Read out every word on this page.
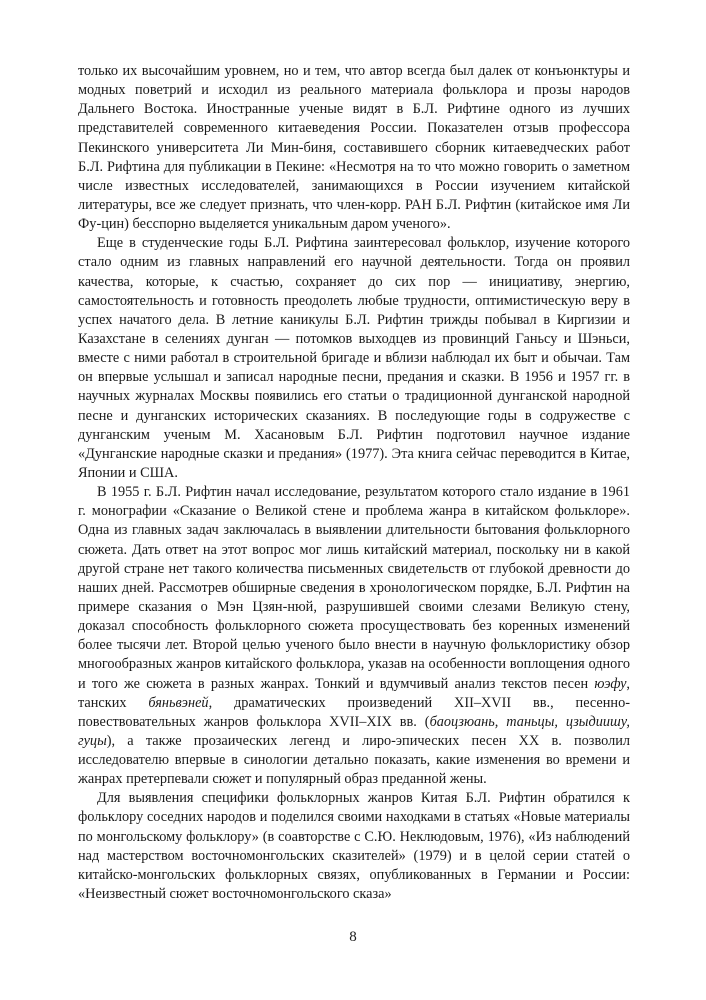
только их высочайшим уровнем, но и тем, что автор всегда был далек от конъюнктуры и модных поветрий и исходил из реального материала фольклора и прозы народов Дальнего Востока. Иностранные ученые видят в Б.Л. Рифтине одного из лучших представителей современного китаеведения России. Показателен отзыв профессора Пекинского университета Ли Мин-биня, составившего сборник китаеведческих работ Б.Л. Рифтина для публикации в Пекине: «Несмотря на то что можно говорить о заметном числе известных исследователей, занимающихся в России изучением китайской литературы, все же следует признать, что член-корр. РАН Б.Л. Рифтин (китайское имя Ли Фу-цин) бесспорно выделяется уникальным даром ученого».

Еще в студенческие годы Б.Л. Рифтина заинтересовал фольклор, изучение которого стало одним из главных направлений его научной деятельности. Тогда он проявил качества, которые, к счастью, сохраняет до сих пор — инициативу, энергию, самостоятельность и готовность преодолеть любые трудности, оптимистическую веру в успех начатого дела. В летние каникулы Б.Л. Рифтин трижды побывал в Киргизии и Казахстане в селениях дунган — потомков выходцев из провинций Ганьсу и Шэньси, вместе с ними работал в строительной бригаде и вблизи наблюдал их быт и обычаи. Там он впервые услышал и записал народные песни, предания и сказки. В 1956 и 1957 гг. в научных журналах Москвы появились его статьи о традиционной дунганской народной песне и дунганских исторических сказаниях. В последующие годы в содружестве с дунганским ученым М. Хасановым Б.Л. Рифтин подготовил научное издание «Дунганские народные сказки и предания» (1977). Эта книга сейчас переводится в Китае, Японии и США.

В 1955 г. Б.Л. Рифтин начал исследование, результатом которого стало издание в 1961 г. монографии «Сказание о Великой стене и проблема жанра в китайском фольклоре». Одна из главных задач заключалась в выявлении длительности бытования фольклорного сюжета. Дать ответ на этот вопрос мог лишь китайский материал, поскольку ни в какой другой стране нет такого количества письменных свидетельств от глубокой древности до наших дней. Рассмотрев обширные сведения в хронологическом порядке, Б.Л. Рифтин на примере сказания о Мэн Цзян-нюй, разрушившей своими слезами Великую стену, доказал способность фольклорного сюжета просуществовать без коренных изменений более тысячи лет. Второй целью ученого было внести в научную фольклористику обзор многообразных жанров китайского фольклора, указав на особенности воплощения одного и того же сюжета в разных жанрах. Тонкий и вдумчивый анализ текстов песен юэфу, танских бяньвэней, драматических произведений XII–XVII вв., песенно-повествовательных жанров фольклора XVII–XIX вв. (баоцзюань, таньцы, цзыдиишу, гуцы), а также прозаических легенд и лиро-эпических песен XX в. позволил исследователю впервые в синологии детально показать, какие изменения во времени и жанрах претерпевали сюжет и популярный образ преданной жены.

Для выявления специфики фольклорных жанров Китая Б.Л. Рифтин обратился к фольклору соседних народов и поделился своими находками в статьях «Новые материалы по монгольскому фольклору» (в соавторстве с С.Ю. Неклюдовым, 1976), «Из наблюдений над мастерством восточномонгольских сказителей» (1979) и в целой серии статей о китайско-монгольских фольклорных связях, опубликованных в Германии и России: «Неизвестный сюжет восточномонгольского сказа»

8
